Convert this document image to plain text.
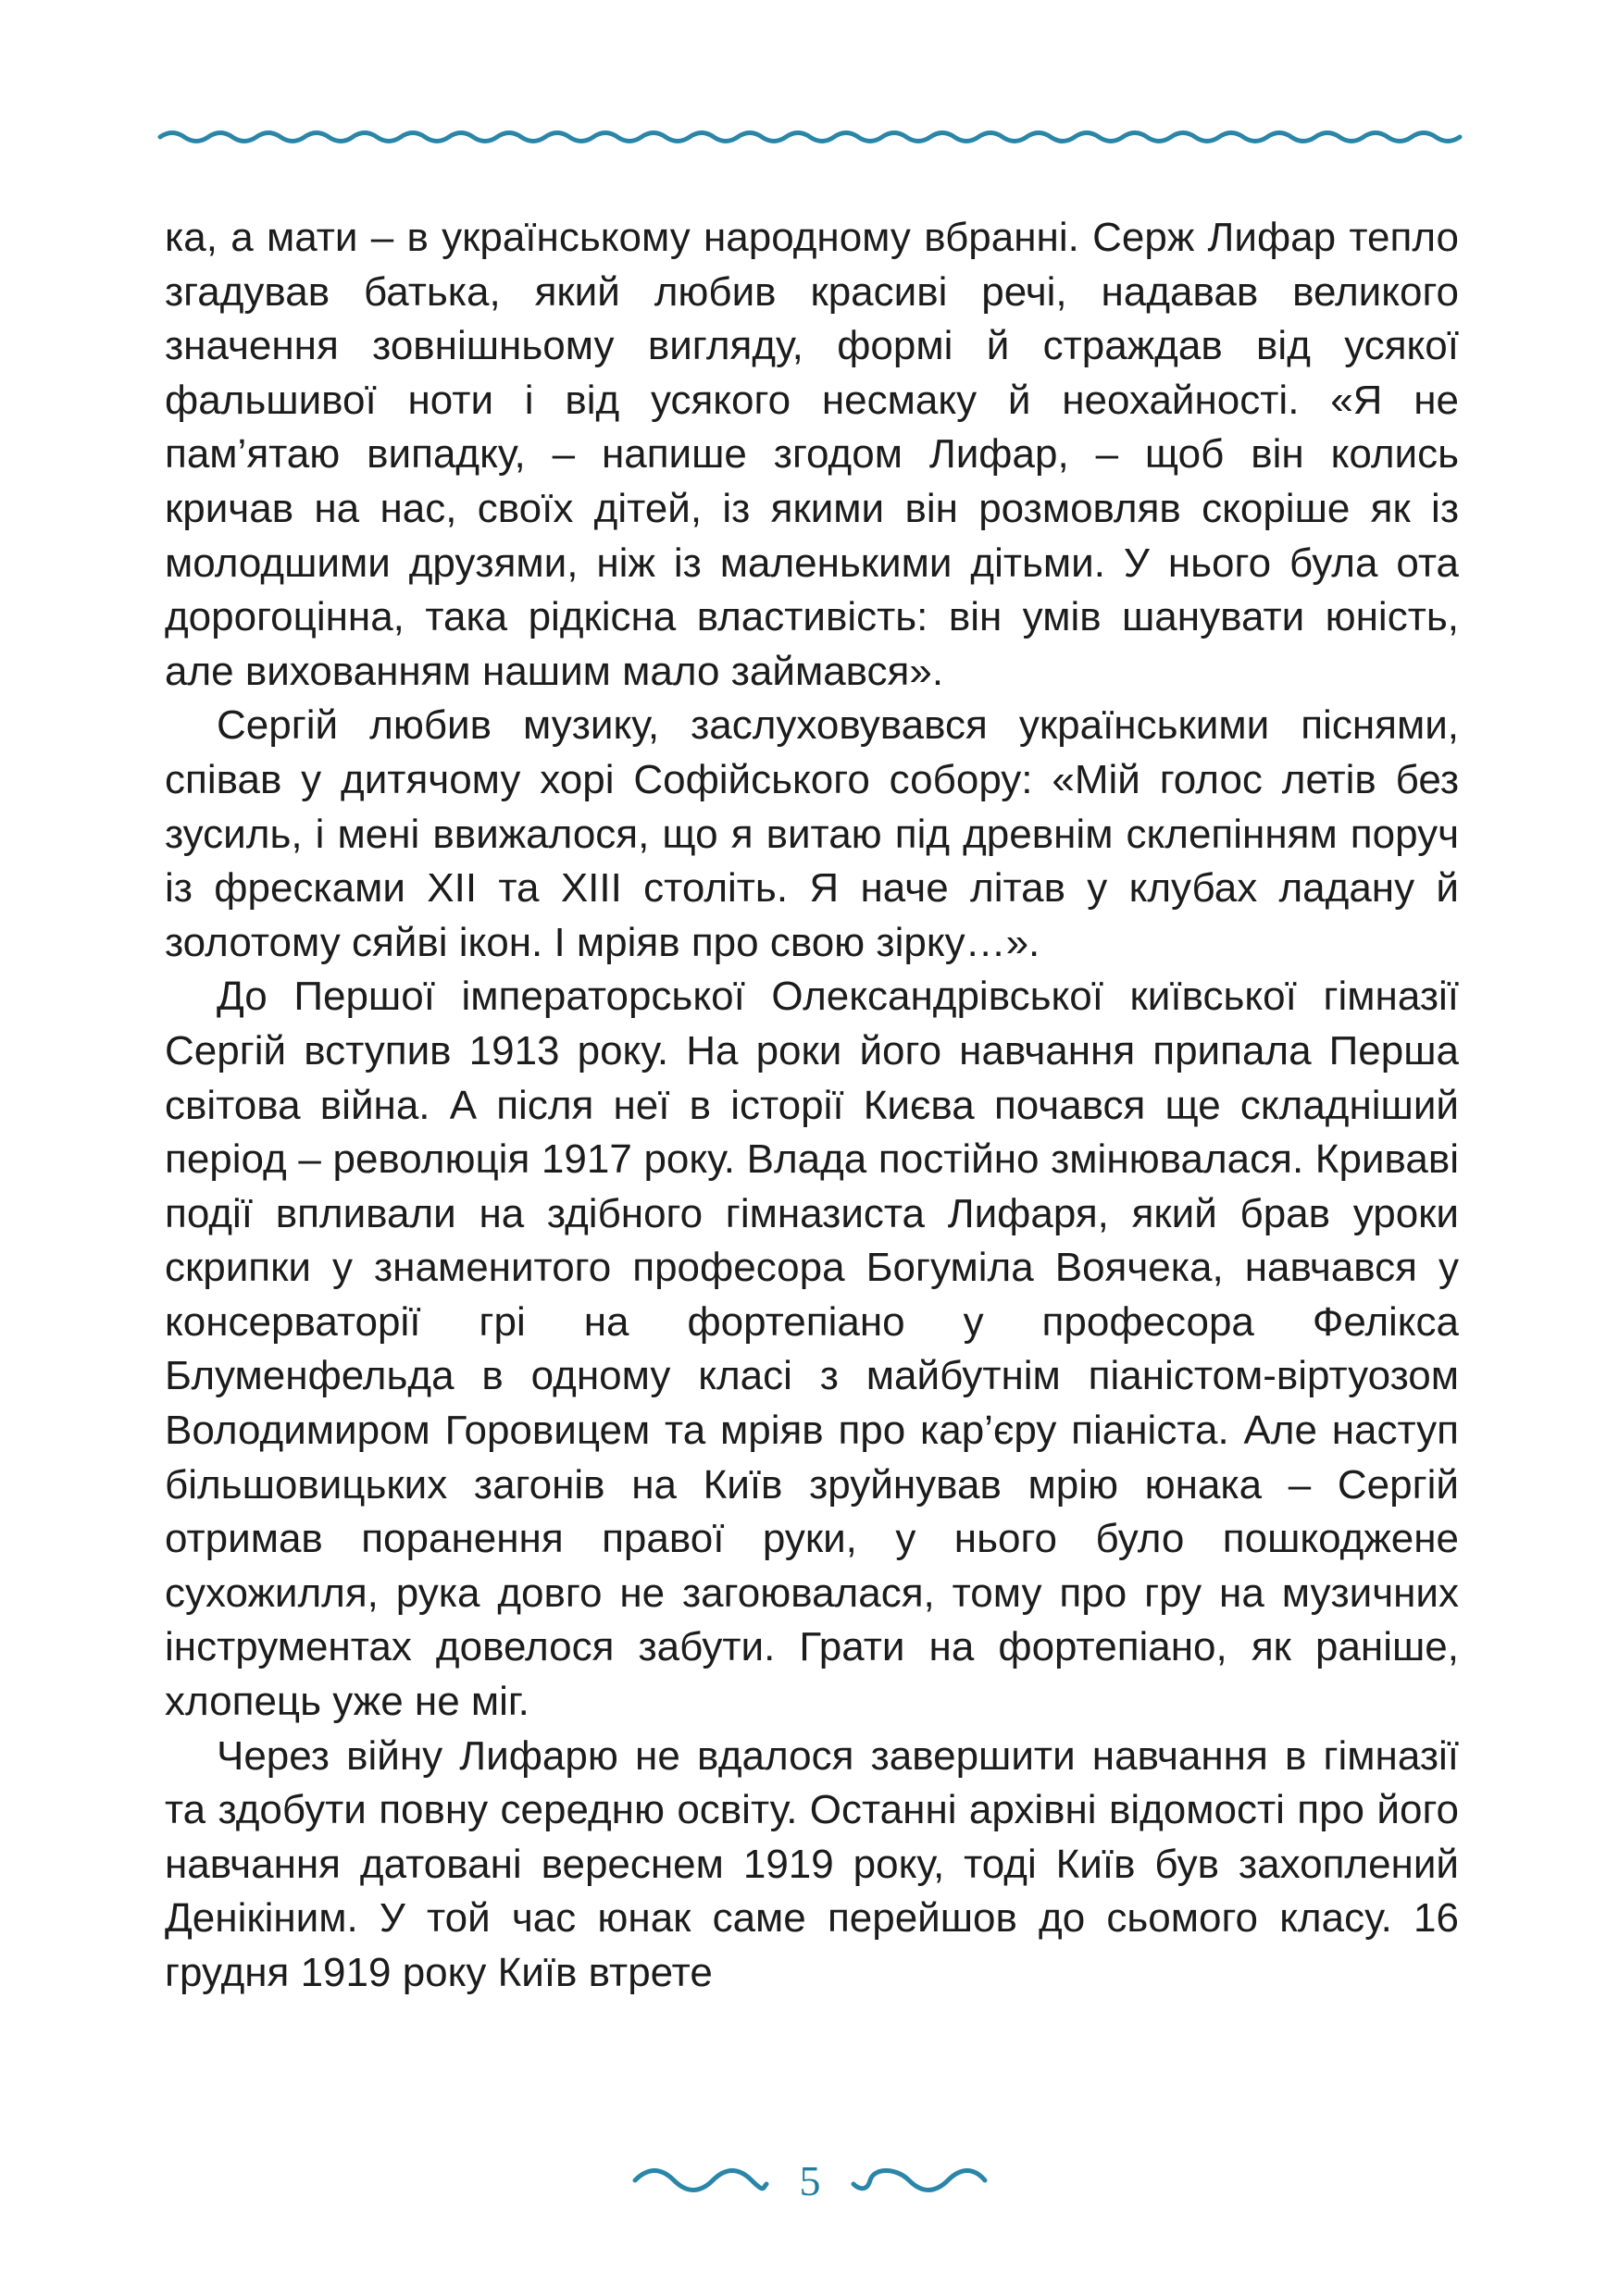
ка, а мати – в українському народному вбранні. Серж Лифар тепло згадував батька, який любив красиві речі, надавав великого значення зовнішньому вигляду, формі й страждав від усякої фальшивої ноти і від усякого несмаку й неохайності. «Я не пам’ятаю випадку, – напише згодом Лифар, – щоб він колись кричав на нас, своїх дітей, із якими він розмовляв скоріше як із молодшими друзями, ніж із маленькими дітьми. У нього була ота дорогоцінна, така рідкісна властивість: він умів шанувати юність, але вихованням нашим мало займався».

Сергій любив музику, заслуховувався українськими піснями, співав у дитячому хорі Софійського собору: «Мій голос летів без зусиль, і мені ввижалося, що я витаю під древнім склепінням поруч із фресками XII та XIII століть. Я наче літав у клубах ладану й золотому сяйві ікон. І мріяв про свою зірку…».

До Першої імператорської Олександрівської київської гімназії Сергій вступив 1913 року. На роки його навчання припала Перша світова війна. А після неї в історії Києва почався ще складніший період – революція 1917 року. Влада постійно змінювалася. Криваві події впливали на здібного гімназиста Лифаря, який брав уроки скрипки у знаменитого професора Богуміла Воячека, навчався у консерваторії грі на фортепіано у професора Фелікса Блуменфельда в одному класі з майбутнім піаністом-віртуозом Володимиром Горовицем та мріяв про кар’єру піаніста. Але наступ більшовицьких загонів на Київ зруйнував мрію юнака – Сергій отримав поранення правої руки, у нього було пошкоджене сухожилля, рука довго не загоювалася, тому про гру на музичних інструментах довелося забути. Грати на фортепіано, як раніше, хлопець уже не міг.

Через війну Лифарю не вдалося завершити навчання в гімназії та здобути повну середню освіту. Останні архівні відомості про його навчання датовані вереснем 1919 року, тоді Київ був захоплений Денікіним. У той час юнак саме перейшов до сьомого класу. 16 грудня 1919 року Київ втрете

5
